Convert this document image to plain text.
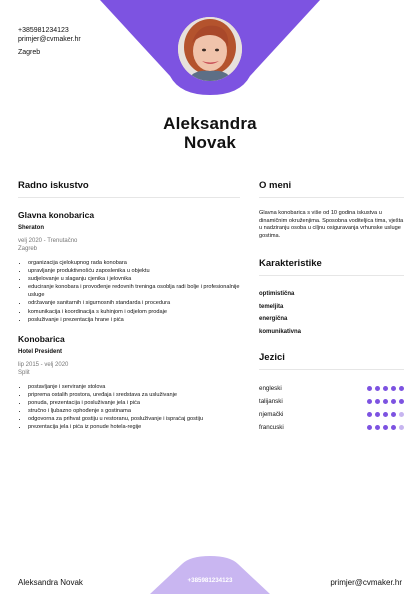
+385981234123
primjer@cvmaker.hr
Zagreb
Aleksandra
Novak
Radno iskustvo
Glavna konobarica
Sheraton
velj 2020 - Trenutačno
Zagreb
• organizacija cjelokupnog rada konobara
• upravljanje produktivnošću zaposlenika u objektu
• sudjelovanje u slaganju cjenika i jelovnika
• educiranje konobara i provođenje redovnih treninga osoblja radi bolje i profesionalnije usluge
• održavanje sanitarnih i sigurnosnih standarda i procedura
• komunikacija i koordinacija s kuhinjom i odjelom prodaje
• posluživanje i prezentacija hrane i pića
Konobarica
Hotel President
lip 2015 - velj 2020
Split
• postavljanje i serviranje stolova
• priprema ostalih prostora, uređaja i sredstava za usluživanje
• ponuda, prezentacija i posluživanje jela i pića
• stručno i ljubazno ophođenje s gostinama
• odgovorna za prihvat gostiju u restoranu, posluživanje i ispraćaj gostiju
• prezentacija jela i pića iz ponude hotela-regije
O meni
Glavna konobarica s više od 10 godina iskustva u dinamičnim okruženjima. Sposobna voditeljica tima, vješta u nadziranju osoba u ciljnu osiguravanja vrhunske usluge gostima.
Karakteristike
optimistična
temeljita
energična
komunikativna
Jezici
engleski
talijanski
njemački
francuski
+385981234123
Aleksandra Novak	primjer@cvmaker.hr
